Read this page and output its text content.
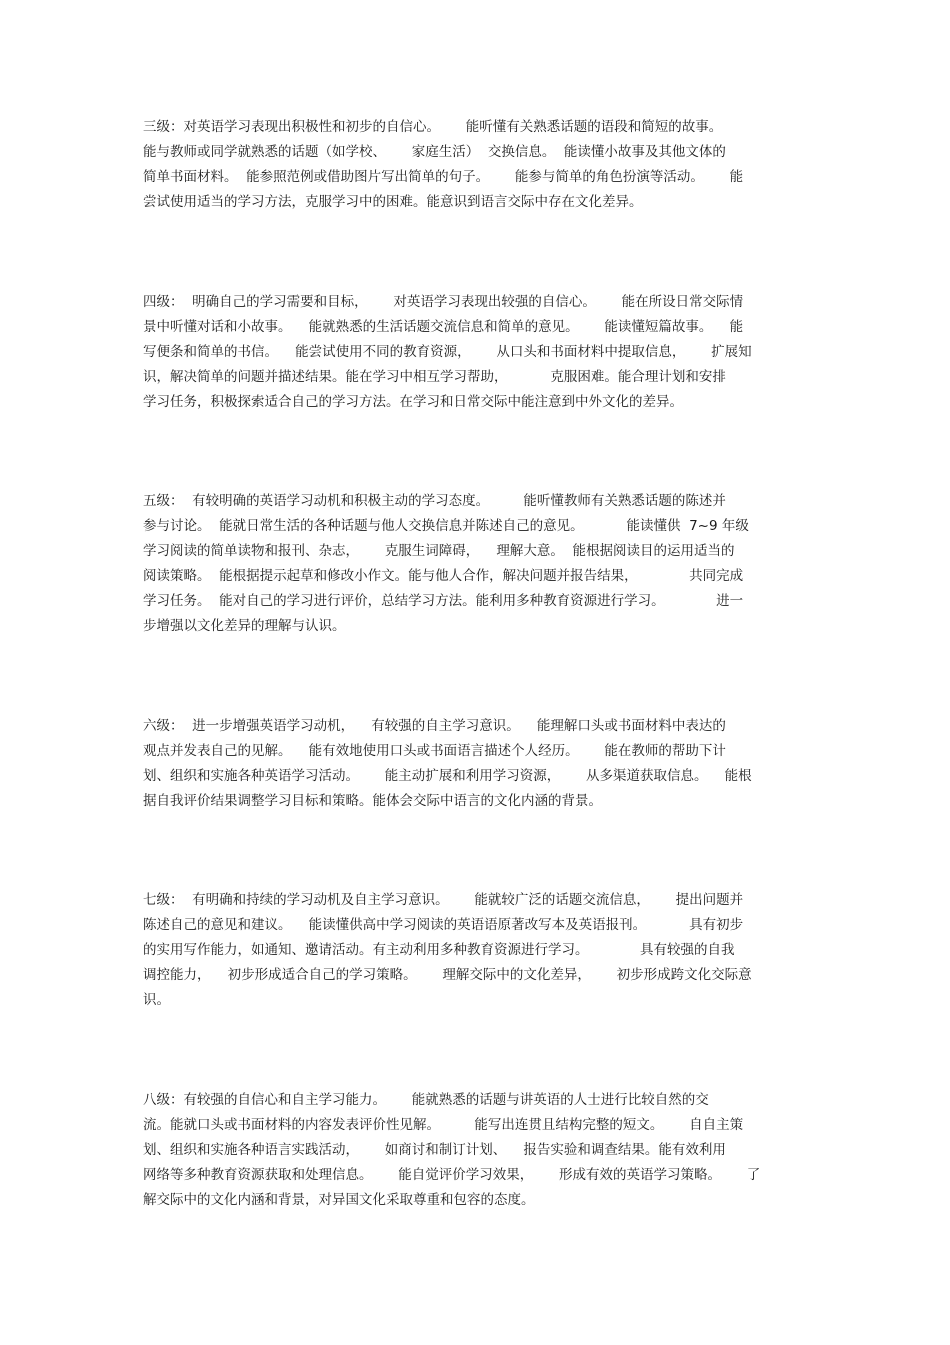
三级：对英语学习表现出积极性和初步的自信心。      能听懂有关熟悉话题的语段和简短的故事。
能与教师或同学就熟悉的话题（如学校、      家庭生活）  交换信息。  能读懂小故事及其他文体的
简单书面材料。  能参照范例或借助图片写出简单的句子。      能参与简单的角色扮演等活动。      能
尝试使用适当的学习方法，克服学习中的困难。能意识到语言交际中存在文化差异。
四级：  明确自己的学习需要和目标，      对英语学习表现出较强的自信心。      能在所设日常交际情
景中听懂对话和小故事。    能就熟悉的生活话题交流信息和简单的意见。      能读懂短篇故事。    能
写便条和简单的书信。    能尝试使用不同的教育资源，      从口头和书面材料中提取信息，      扩展知
识，解决简单的问题并描述结果。能在学习中相互学习帮助，          克服困难。能合理计划和安排
学习任务，积极探索适合自己的学习方法。在学习和日常交际中能注意到中外文化的差异。
五级：  有较明确的英语学习动机和积极主动的学习态度。        能听懂教师有关熟悉话题的陈述并
参与讨论。  能就日常生活的各种话题与他人交换信息并陈述自己的意见。          能读懂供  7~9 年级
学习阅读的简单读物和报刊、杂志，      克服生词障碍，    理解大意。  能根据阅读目的运用适当的
阅读策略。  能根据提示起草和修改小作文。能与他人合作，解决问题并报告结果，            共同完成
学习任务。  能对自己的学习进行评价，总结学习方法。能利用多种教育资源进行学习。            进一
步增强以文化差异的理解与认识。
六级：  进一步增强英语学习动机，    有较强的自主学习意识。    能理解口头或书面材料中表达的
观点并发表自己的见解。    能有效地使用口头或书面语言描述个人经历。      能在教师的帮助下计
划、组织和实施各种英语学习活动。      能主动扩展和利用学习资源，      从多渠道获取信息。    能根
据自我评价结果调整学习目标和策略。能体会交际中语言的文化内涵的背景。
七级：  有明确和持续的学习动机及自主学习意识。      能就较广泛的话题交流信息，      提出问题并
陈述自己的意见和建议。    能读懂供高中学习阅读的英语语原著改写本及英语报刊。          具有初步
的实用写作能力，如通知、邀请活动。有主动利用多种教育资源进行学习。            具有较强的自我
调控能力，    初步形成适合自己的学习策略。      理解交际中的文化差异，      初步形成跨文化交际意
识。
八级：有较强的自信心和自主学习能力。      能就熟悉的话题与讲英语的人士进行比较自然的交
流。能就口头或书面材料的内容发表评价性见解。        能写出连贯且结构完整的短文。      自自主策
划、组织和实施各种语言实践活动，      如商讨和制订计划、    报告实验和调查结果。能有效利用
网络等多种教育资源获取和处理信息。      能自觉评价学习效果，      形成有效的英语学习策略。      了
解交际中的文化内涵和背景，对异国文化采取尊重和包容的态度。
